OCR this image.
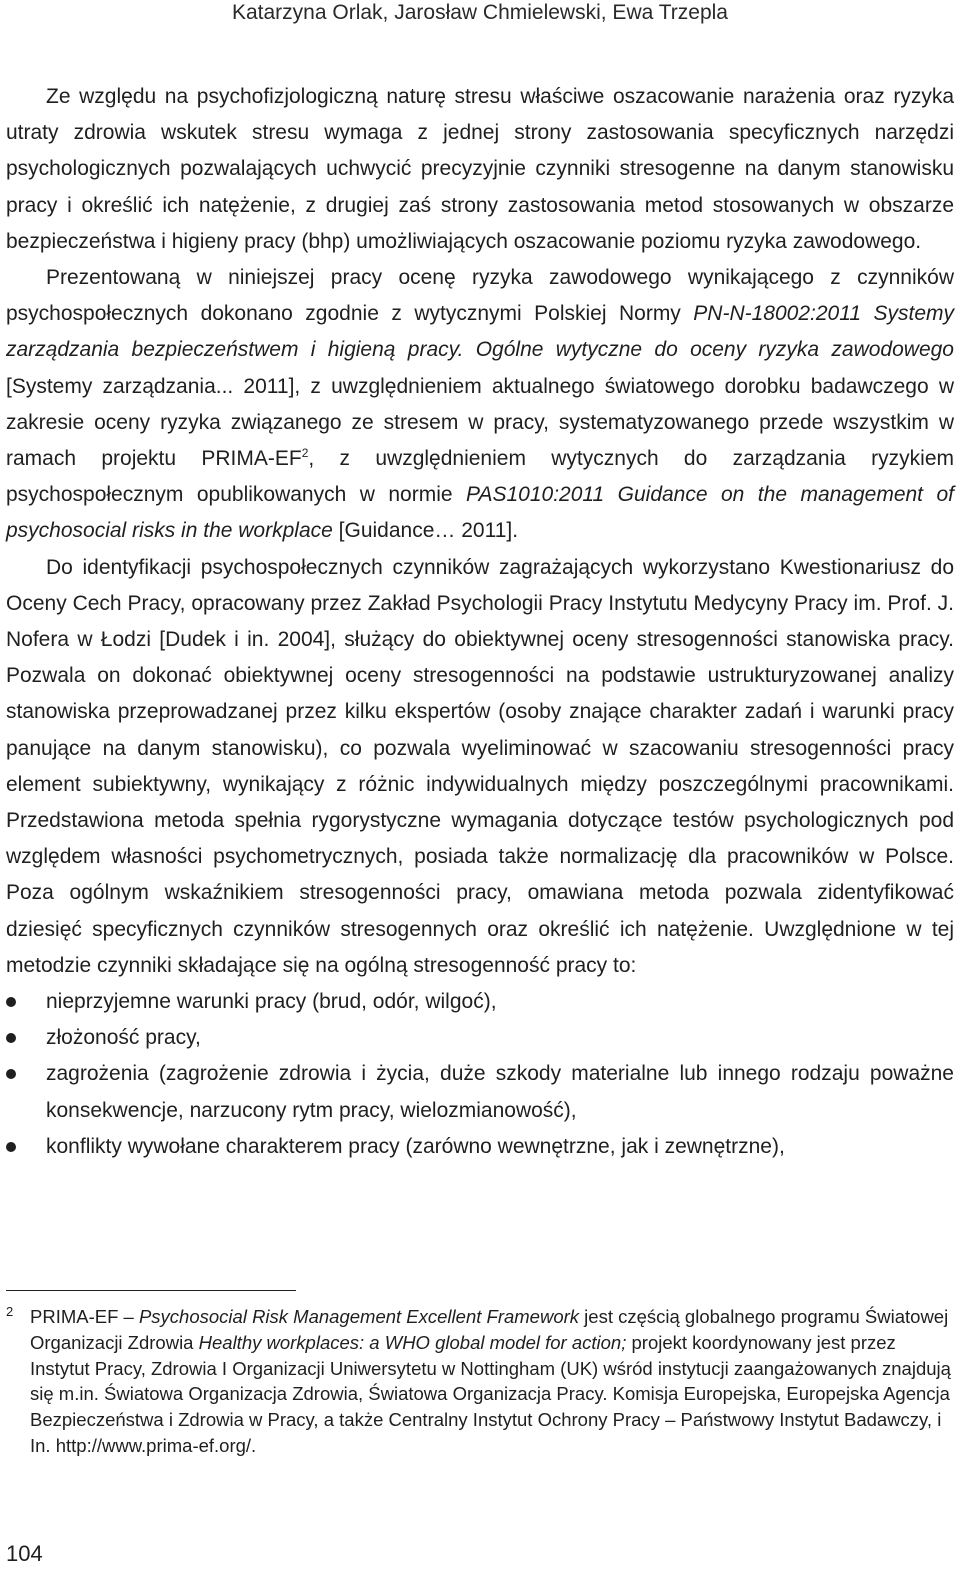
Katarzyna Orlak, Jarosław Chmielewski, Ewa Trzepla

Ze względu na psychofizjologiczną naturę stresu właściwe oszacowanie narażenia oraz ryzyka utraty zdrowia wskutek stresu wymaga z jednej strony zastosowania specyficznych narzędzi psychologicznych pozwalających uchwycić precyzyjnie czynniki stresogenne na danym stanowisku pracy i określić ich natężenie, z drugiej zaś strony zastosowania metod stosowanych w obszarze bezpieczeństwa i higieny pracy (bhp) umożliwiających oszacowanie poziomu ryzyka zawodowego.

Prezentowaną w niniejszej pracy ocenę ryzyka zawodowego wynikającego z czynników psychospołecznych dokonano zgodnie z wytycznymi Polskiej Normy PN-N-18002:2011 Systemy zarządzania bezpieczeństwem i higieną pracy. Ogólne wytyczne do oceny ryzyka zawodowego [Systemy zarządzania... 2011], z uwzględnieniem aktualnego światowego dorobku badawczego w zakresie oceny ryzyka związanego ze stresem w pracy, systematyzowanego przede wszystkim w ramach projektu PRIMA-$EF^2$, z uwzględnieniem wytycznych do zarządzania ryzykiem psychospołecznym opublikowanych w normie PAS1010:2011 Guidance on the management of psychosocial risks in the workplace [Guidance… 2011].

Do identyfikacji psychospołecznych czynników zagrażających wykorzystano Kwestionariusz do Oceny Cech Pracy, opracowany przez Zakład Psychologii Pracy Instytutu Medycyny Pracy im. Prof. J. Nofera w Łodzi [Dudek i in. 2004], służący do obiektywnej oceny stresogenności stanowiska pracy. Pozwala on dokonać obiektywnej oceny stresogenności na podstawie ustrukturyzowanej analizy stanowiska przeprowadzanej przez kilku ekspertów (osoby znające charakter zadań i warunki pracy panujące na danym stanowisku), co pozwala wyeliminować w szacowaniu stresogenności pracy element subiektywny, wynikający z różnic indywidualnych między poszczególnymi pracownikami. Przedstawiona metoda spełnia rygorystyczne wymagania dotyczące testów psychologicznych pod względem własności psychometrycznych, posiada także normalizację dla pracowników w Polsce. Poza ogólnym wskaźnikiem stresogenności pracy, omawiana metoda pozwala zidentyfikować dziesięć specyficznych czynników stresogennych oraz określić ich natężenie. Uwzględnione w tej metodzie czynniki składające się na ogólną stresogenność pracy to:

nieprzyjemne warunki pracy (brud, odór, wilgoć),
złożoność pracy,
zagrożenia (zagrożenie zdrowia i życia, duże szkody materialne lub innego rodzaju poważne konsekwencje, narzucony rytm pracy, wielozmianowość),
konflikty wywołane charakterem pracy (zarówno wewnętrzne, jak i zewnętrzne),
2 PRIMA-EF – Psychosocial Risk Management Excellent Framework jest częścią globalnego programu Światowej Organizacji Zdrowia Healthy workplaces: a WHO global model for action; projekt koordynowany jest przez Instytut Pracy, Zdrowia I Organizacji Uniwersytetu w Nottingham (UK) wśród instytucji zaangażowanych znajdują się m.in. Światowa Organizacja Zdrowia, Światowa Organizacja Pracy. Komisja Europejska, Europejska Agencja Bezpieczeństwa i Zdrowia w Pracy, a także Centralny Instytut Ochrony Pracy – Państwowy Instytut Badawczy, i In. http://www.prima-ef.org/.
104
